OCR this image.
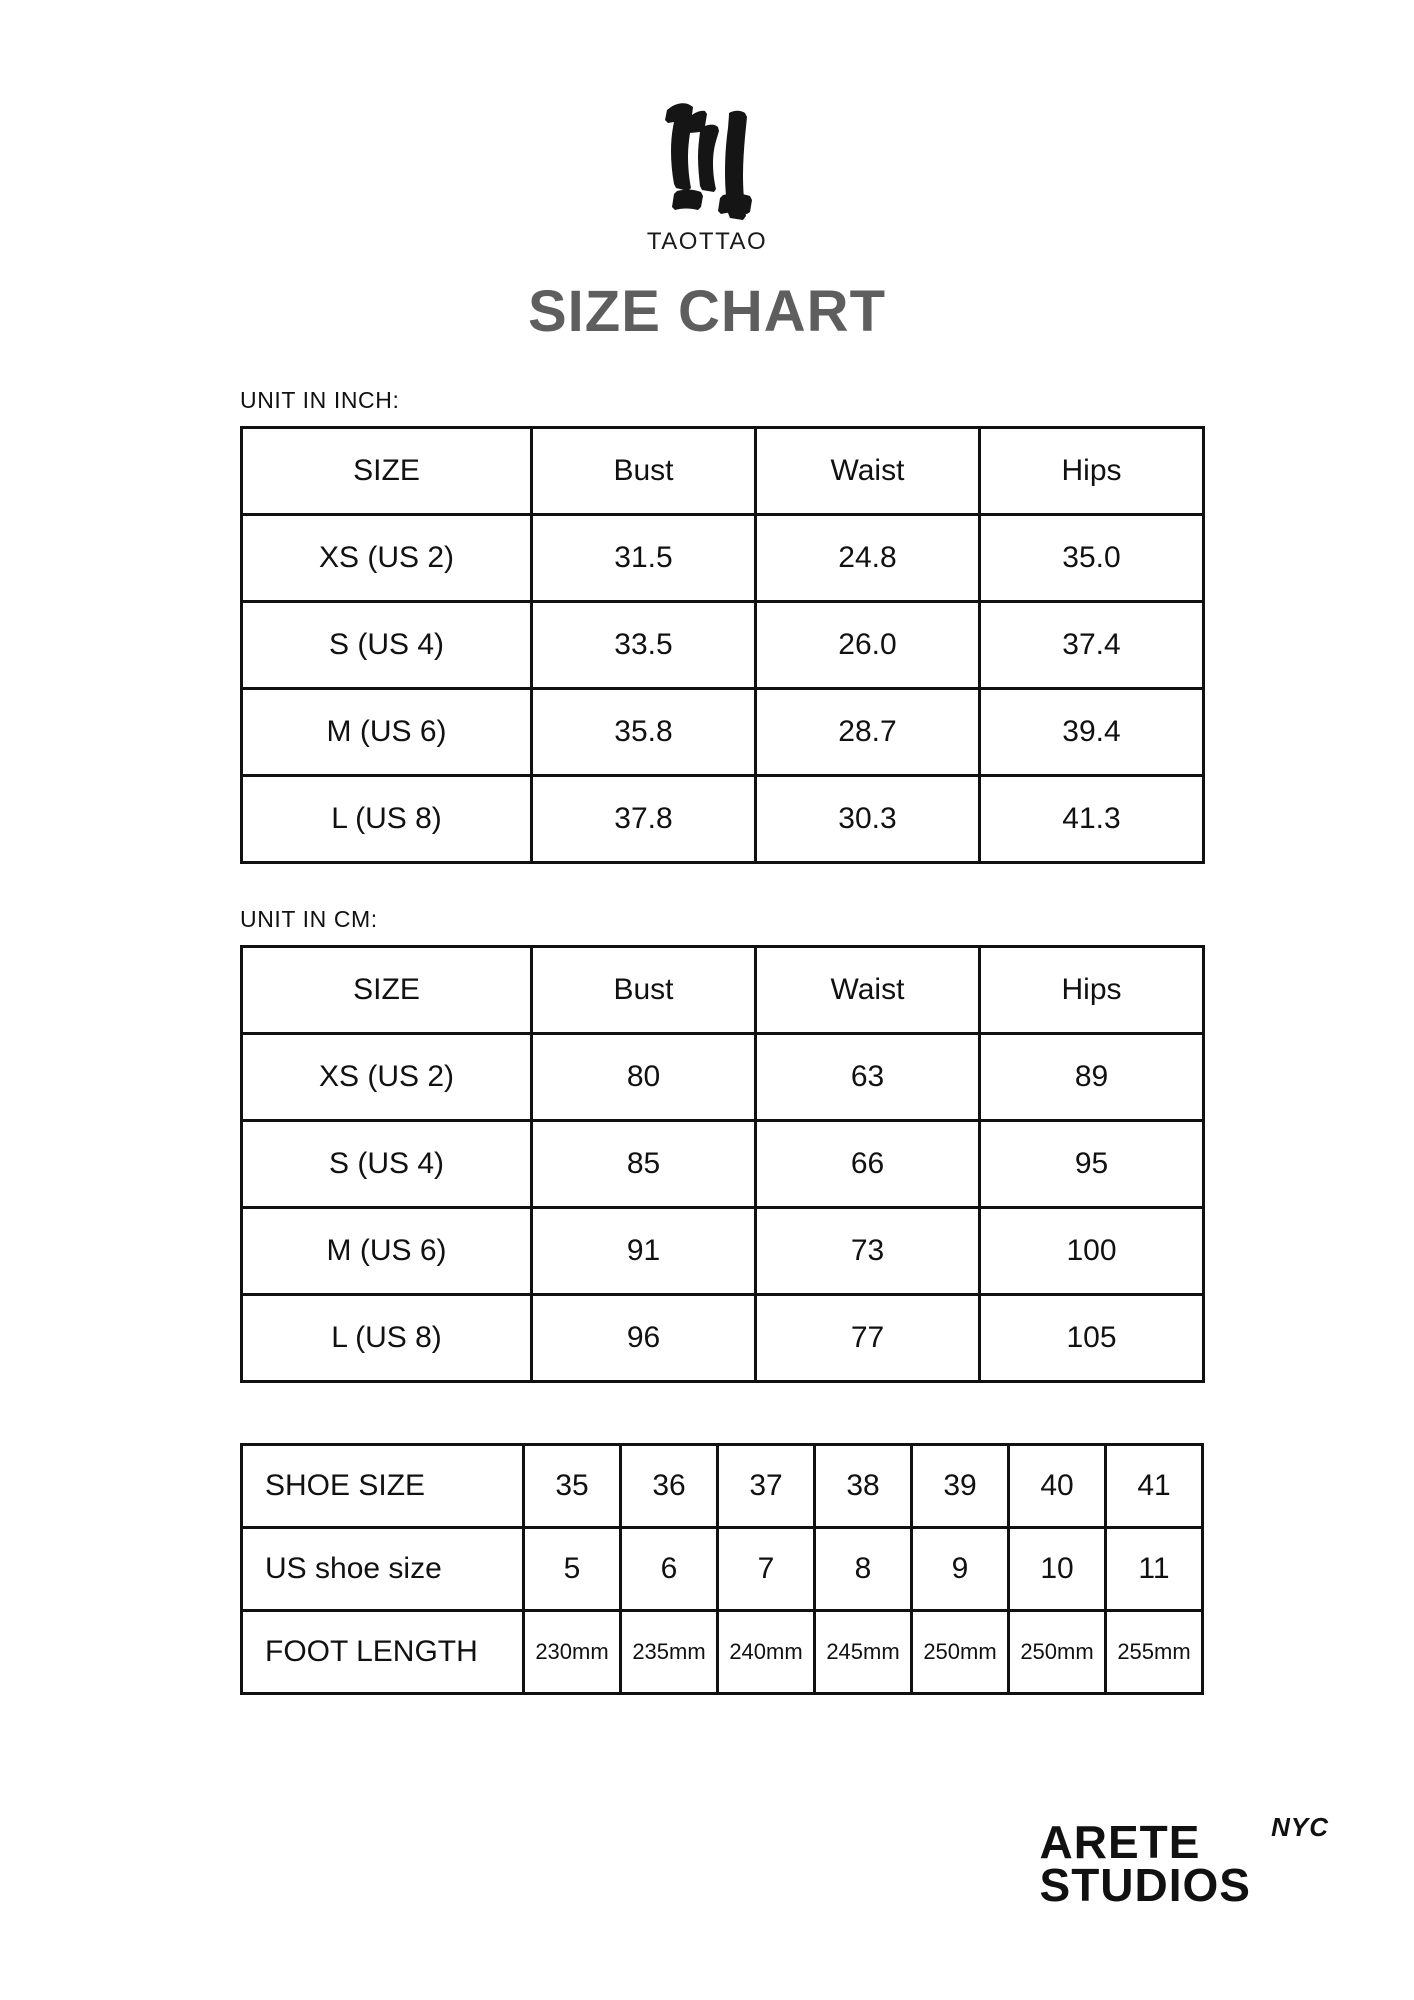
TAOTTAO
SIZE CHART
UNIT IN INCH:
SIZE	Bust	Waist	Hips
XS (US 2)	31.5	24.8	35.0
S (US 4)	33.5	26.0	37.4
M (US 6)	35.8	28.7	39.4
L (US 8)	37.8	30.3	41.3
UNIT IN CM:
SIZE	Bust	Waist	Hips
XS (US 2)	80	63	89
S (US 4)	85	66	95
M (US 6)	91	73	100
L (US 8)	96	77	105
SHOE SIZE	35	36	37	38	39	40	41
US shoe size	5	6	7	8	9	10	11
FOOT LENGTH	230mm	235mm	240mm	245mm	250mm	250mm	255mm
NYC
ARETE
STUDIOS
